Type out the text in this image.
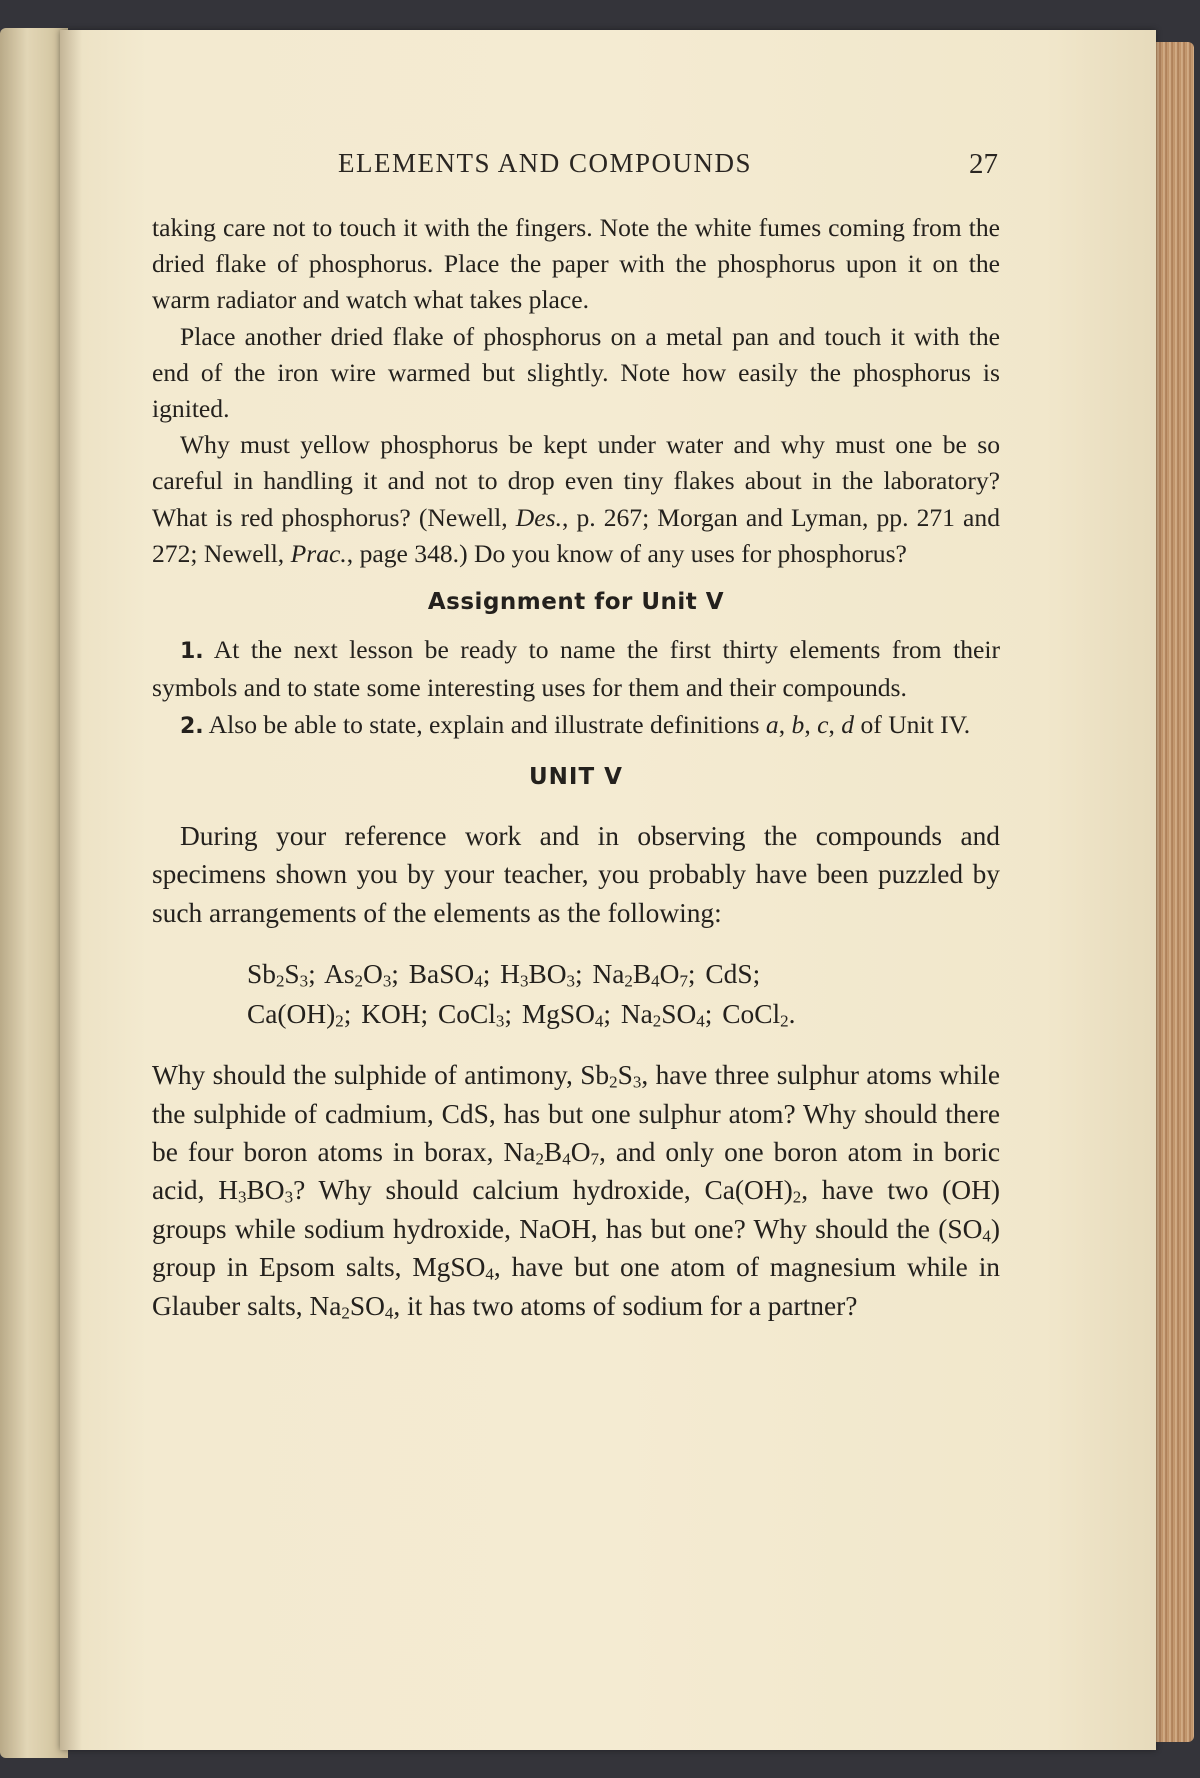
ELEMENTS AND COMPOUNDS	27

taking care not to touch it with the fingers. Note the white fumes coming from the dried flake of phosphorus. Place the paper with the phosphorus upon it on the warm radiator and watch what takes place.

Place another dried flake of phosphorus on a metal pan and touch it with the end of the iron wire warmed but slightly. Note how easily the phosphorus is ignited.

Why must yellow phosphorus be kept under water and why must one be so careful in handling it and not to drop even tiny flakes about in the laboratory? What is red phosphorus? (Newell, Des., p. 267; Morgan and Lyman, pp. 271 and 272; Newell, Prac., page 348.) Do you know of any uses for phosphorus?

Assignment for Unit V

1. At the next lesson be ready to name the first thirty elements from their symbols and to state some interesting uses for them and their compounds.

2. Also be able to state, explain and illustrate definitions a, b, c, d of Unit IV.

UNIT V

During your reference work and in observing the compounds and specimens shown you by your teacher, you probably have been puzzled by such arrangements of the elements as the following:

$Sb_2S_3$; $As_2O_3$; BaSO$_4$; $H_3BO_3$; $Na_2B_4O_7$; CdS;
$Ca(OH)_2$; KOH; CoCl$_3$; MgSO$_4$; $Na_2SO_4$; CoCl$_2$.

Why should the sulphide of antimony, $Sb_2S_3$, have three sulphur atoms while the sulphide of cadmium, CdS, has but one sulphur atom? Why should there be four boron atoms in borax, $Na_2B_4O_7$, and only one boron atom in boric acid, $H_3BO_3$? Why should calcium hydroxide, $Ca(OH)_2$, have two (OH) groups while sodium hydroxide, NaOH, has but one? Why should the $(SO_4)$ group in Epsom salts, MgSO$_4$, have but one atom of magnesium while in Glauber salts, $Na_2SO_4$, it has two atoms of sodium for a partner?
